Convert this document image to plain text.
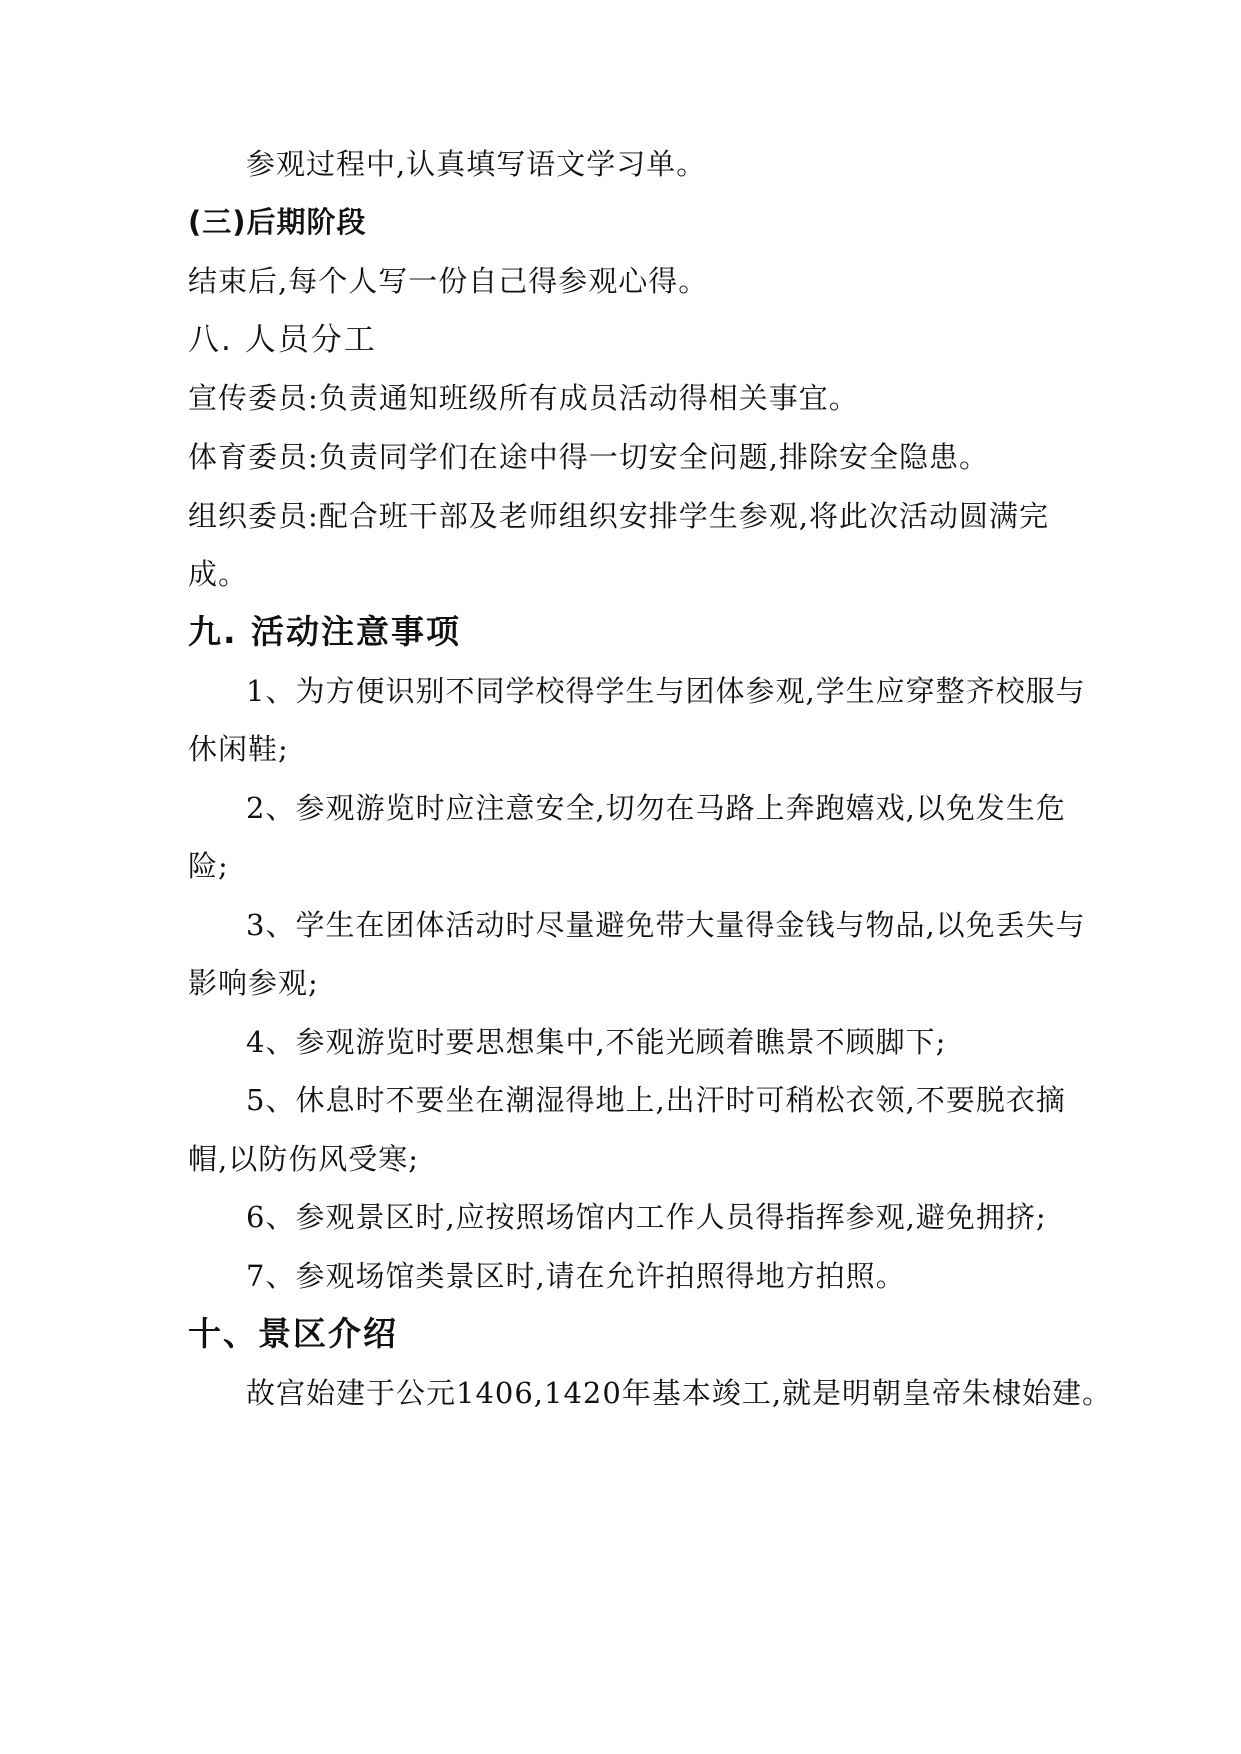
参观过程中,认真填写语文学习单。
(三)后期阶段
结束后,每个人写一份自己得参观心得。
八. 人员分工
宣传委员:负责通知班级所有成员活动得相关事宜。
体育委员:负责同学们在途中得一切安全问题,排除安全隐患。
组织委员:配合班干部及老师组织安排学生参观,将此次活动圆满完
成。
九. 活动注意事项
1、为方便识别不同学校得学生与团体参观,学生应穿整齐校服与
休闲鞋;
2、参观游览时应注意安全,切勿在马路上奔跑嬉戏,以免发生危
险;
3、学生在团体活动时尽量避免带大量得金钱与物品,以免丢失与
影响参观;
4、参观游览时要思想集中,不能光顾着瞧景不顾脚下;
5、休息时不要坐在潮湿得地上,出汗时可稍松衣领,不要脱衣摘
帽,以防伤风受寒;
6、参观景区时,应按照场馆内工作人员得指挥参观,避免拥挤;
7、参观场馆类景区时,请在允许拍照得地方拍照。
十、景区介绍
故宫始建于公元1406,1420年基本竣工,就是明朝皇帝朱棣始建。
